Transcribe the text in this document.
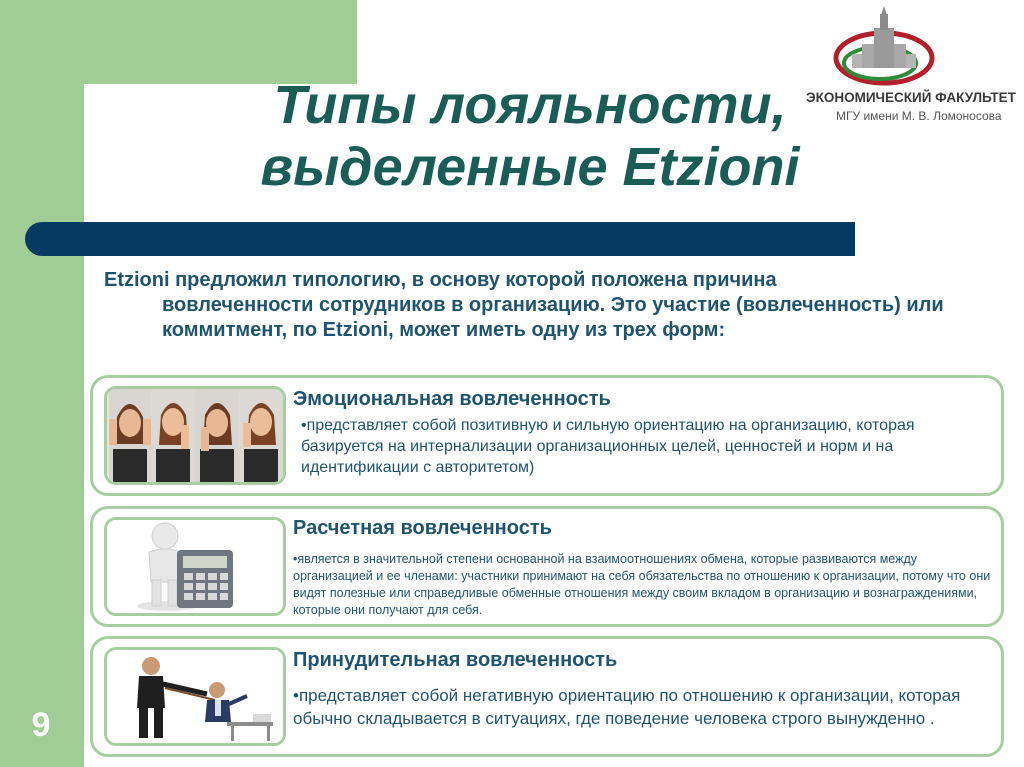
9
Типы лояльности,
выделенные Etzioni
ЭКОНОМИЧЕСКИЙ ФАКУЛЬТЕТ
МГУ имени М. В. Ломоносова
Etzioni предложил типологию, в основу которой положена причина
вовлеченности сотрудников в организацию. Это участие (вовлеченность) или коммитмент, по Etzioni, может иметь одну из трех форм:
Эмоциональная вовлеченность
•представляет собой позитивную и сильную ориентацию на организацию, которая базируется на интернализации организационных целей, ценностей и норм и на идентификации с авторитетом)
Расчетная вовлеченность
•является в значительной степени основанной на взаимоотношениях обмена, которые развиваются между организацией и ее членами: участники принимают на себя обязательства по отношению к организации, потому что они видят полезные или справедливые обменные отношения между своим вкладом в организацию и вознаграждениями, которые они получают для себя.
Принудительная вовлеченность
•представляет собой негативную ориентацию по отношению к организации, которая обычно складывается в ситуациях, где поведение человека строго вынужденно .
